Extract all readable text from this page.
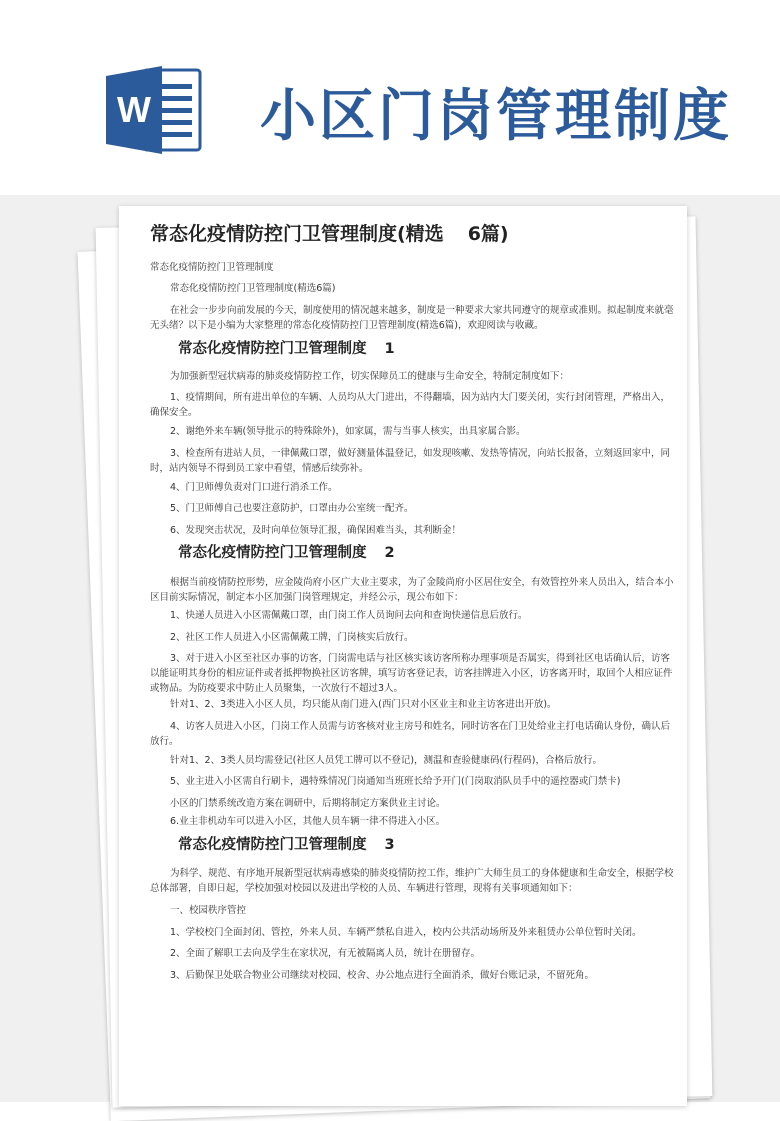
W 小区门岗管理制度
常态化疫情防控门卫管理制度(精选 6篇)
常态化疫情防控门卫管理制度
常态化疫情防控门卫管理制度(精选6篇)
在社会一步步向前发展的今天，制度使用的情况越来越多，制度是一种要求大家共同遵守的规章或准则。拟起制度来就毫
无头绪？以下是小编为大家整理的常态化疫情防控门卫管理制度(精选6篇)，欢迎阅读与收藏。
常态化疫情防控门卫管理制度 1
为加强新型冠状病毒的肺炎疫情防控工作，切实保障员工的健康与生命安全，特制定制度如下：
1、疫情期间，所有进出单位的车辆、人员均从大门进出，不得翻墙，因为站内大门要关闭，实行封闭管理，严格出入，
确保安全。
2、谢绝外来车辆(领导批示的特殊除外)，如家属，需与当事人核实，出具家属合影。
3、检查所有进站人员，一律佩戴口罩，做好测量体温登记，如发现咳嗽、发热等情况，向站长报备，立刻返回家中，同
时，站内领导不得到员工家中看望，情感后续弥补。
4、门卫师傅负责对门口进行消杀工作。
5、门卫师傅自己也要注意防护，口罩由办公室统一配齐。
6、发现突击状况，及时向单位领导汇报，确保困难当头，其利断金！
常态化疫情防控门卫管理制度 2
根据当前疫情防控形势，应金陵尚府小区广大业主要求，为了金陵尚府小区居住安全，有效管控外来人员出入，结合本小
区目前实际情况，制定本小区加强门岗管理规定，并经公示，现公布如下：
1、快递人员进入小区需佩戴口罩，由门岗工作人员询问去向和查询快递信息后放行。
2、社区工作人员进入小区需佩戴工牌，门岗核实后放行。
3、对于进入小区至社区办事的访客，门岗需电话与社区核实该访客所称办理事项是否属实，得到社区电话确认后，访客
以能证明其身份的相应证件或者抵押物换社区访客牌，填写访客登记表，访客挂牌进入小区，访客离开时，取回个人相应证件
或物品。为防疫要求中防止人员聚集，一次放行不超过3人。
针对1、2、3类进入小区人员，均只能从南门进入(西门只对小区业主和业主访客进出开放)。
4、访客人员进入小区，门岗工作人员需与访客核对业主房号和姓名，同时访客在门卫处给业主打电话确认身份，确认后
放行。
针对1、2、3类人员均需登记(社区人员凭工牌可以不登记)，测温和查验健康码(行程码)，合格后放行。
5、业主进入小区需自行刷卡，遇特殊情况门岗通知当班班长给予开门(门岗取消队员手中的遥控器或门禁卡)
小区的门禁系统改造方案在调研中，后期将制定方案供业主讨论。
6.业主非机动车可以进入小区，其他人员车辆一律不得进入小区。
常态化疫情防控门卫管理制度 3
为科学、规范、有序地开展新型冠状病毒感染的肺炎疫情防控工作，维护广大师生员工的身体健康和生命安全，根据学校
总体部署，自即日起，学校加强对校园以及进出学校的人员、车辆进行管理，现将有关事项通知如下：
一、校园秩序管控
1、学校校门全面封闭、管控，外来人员、车辆严禁私自进入，校内公共活动场所及外来租赁办公单位暂时关闭。
2、全面了解职工去向及学生在家状况，有无被隔离人员，统计在册留存。
3、后勤保卫处联合物业公司继续对校园、校舍、办公地点进行全面消杀，做好台账记录，不留死角。
